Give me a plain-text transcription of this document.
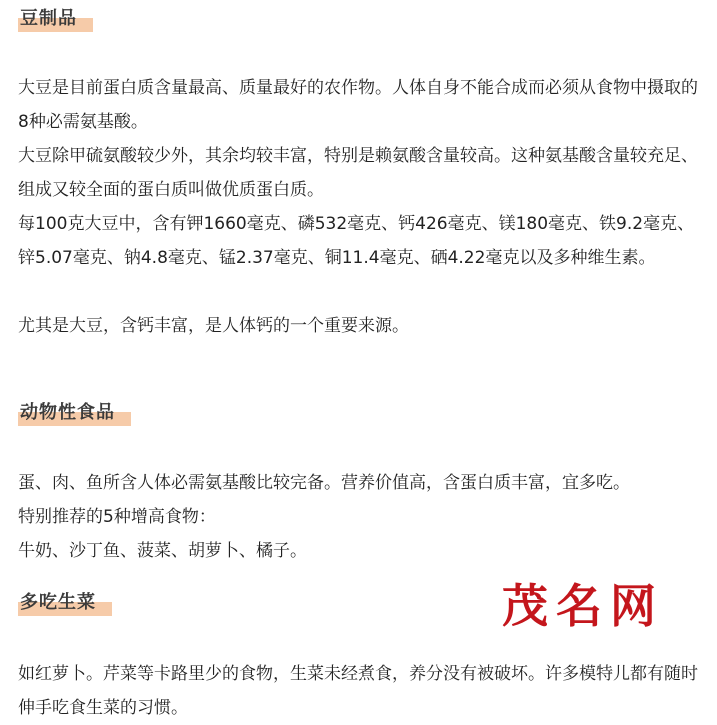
豆制品

大豆是目前蛋白质含量最高、质量最好的农作物。人体自身不能合成而必须从食物中摄取的8种必需氨基酸。

大豆除甲硫氨酸较少外，其余均较丰富，特别是赖氨酸含量较高。这种氨基酸含量较充足、组成又较全面的蛋白质叫做优质蛋白质。

每100克大豆中，含有钾1660毫克、磷532毫克、钙426毫克、镁180毫克、铁9.2毫克、锌5.07毫克、钠4.8毫克、锰2.37毫克、铜11.4毫克、硒4.22毫克以及多种维生素。

尤其是大豆，含钙丰富，是人体钙的一个重要来源。

动物性食品

蛋、肉、鱼所含人体必需氨基酸比较完备。营养价值高，含蛋白质丰富，宜多吃。

特别推荐的5种增高食物：

牛奶、沙丁鱼、菠菜、胡萝卜、橘子。

多吃生菜

如红萝卜。芹菜等卡路里少的食物，生菜未经煮食，养分没有被破坏。许多模特儿都有随时伸手吃食生菜的习惯。

茂名网
